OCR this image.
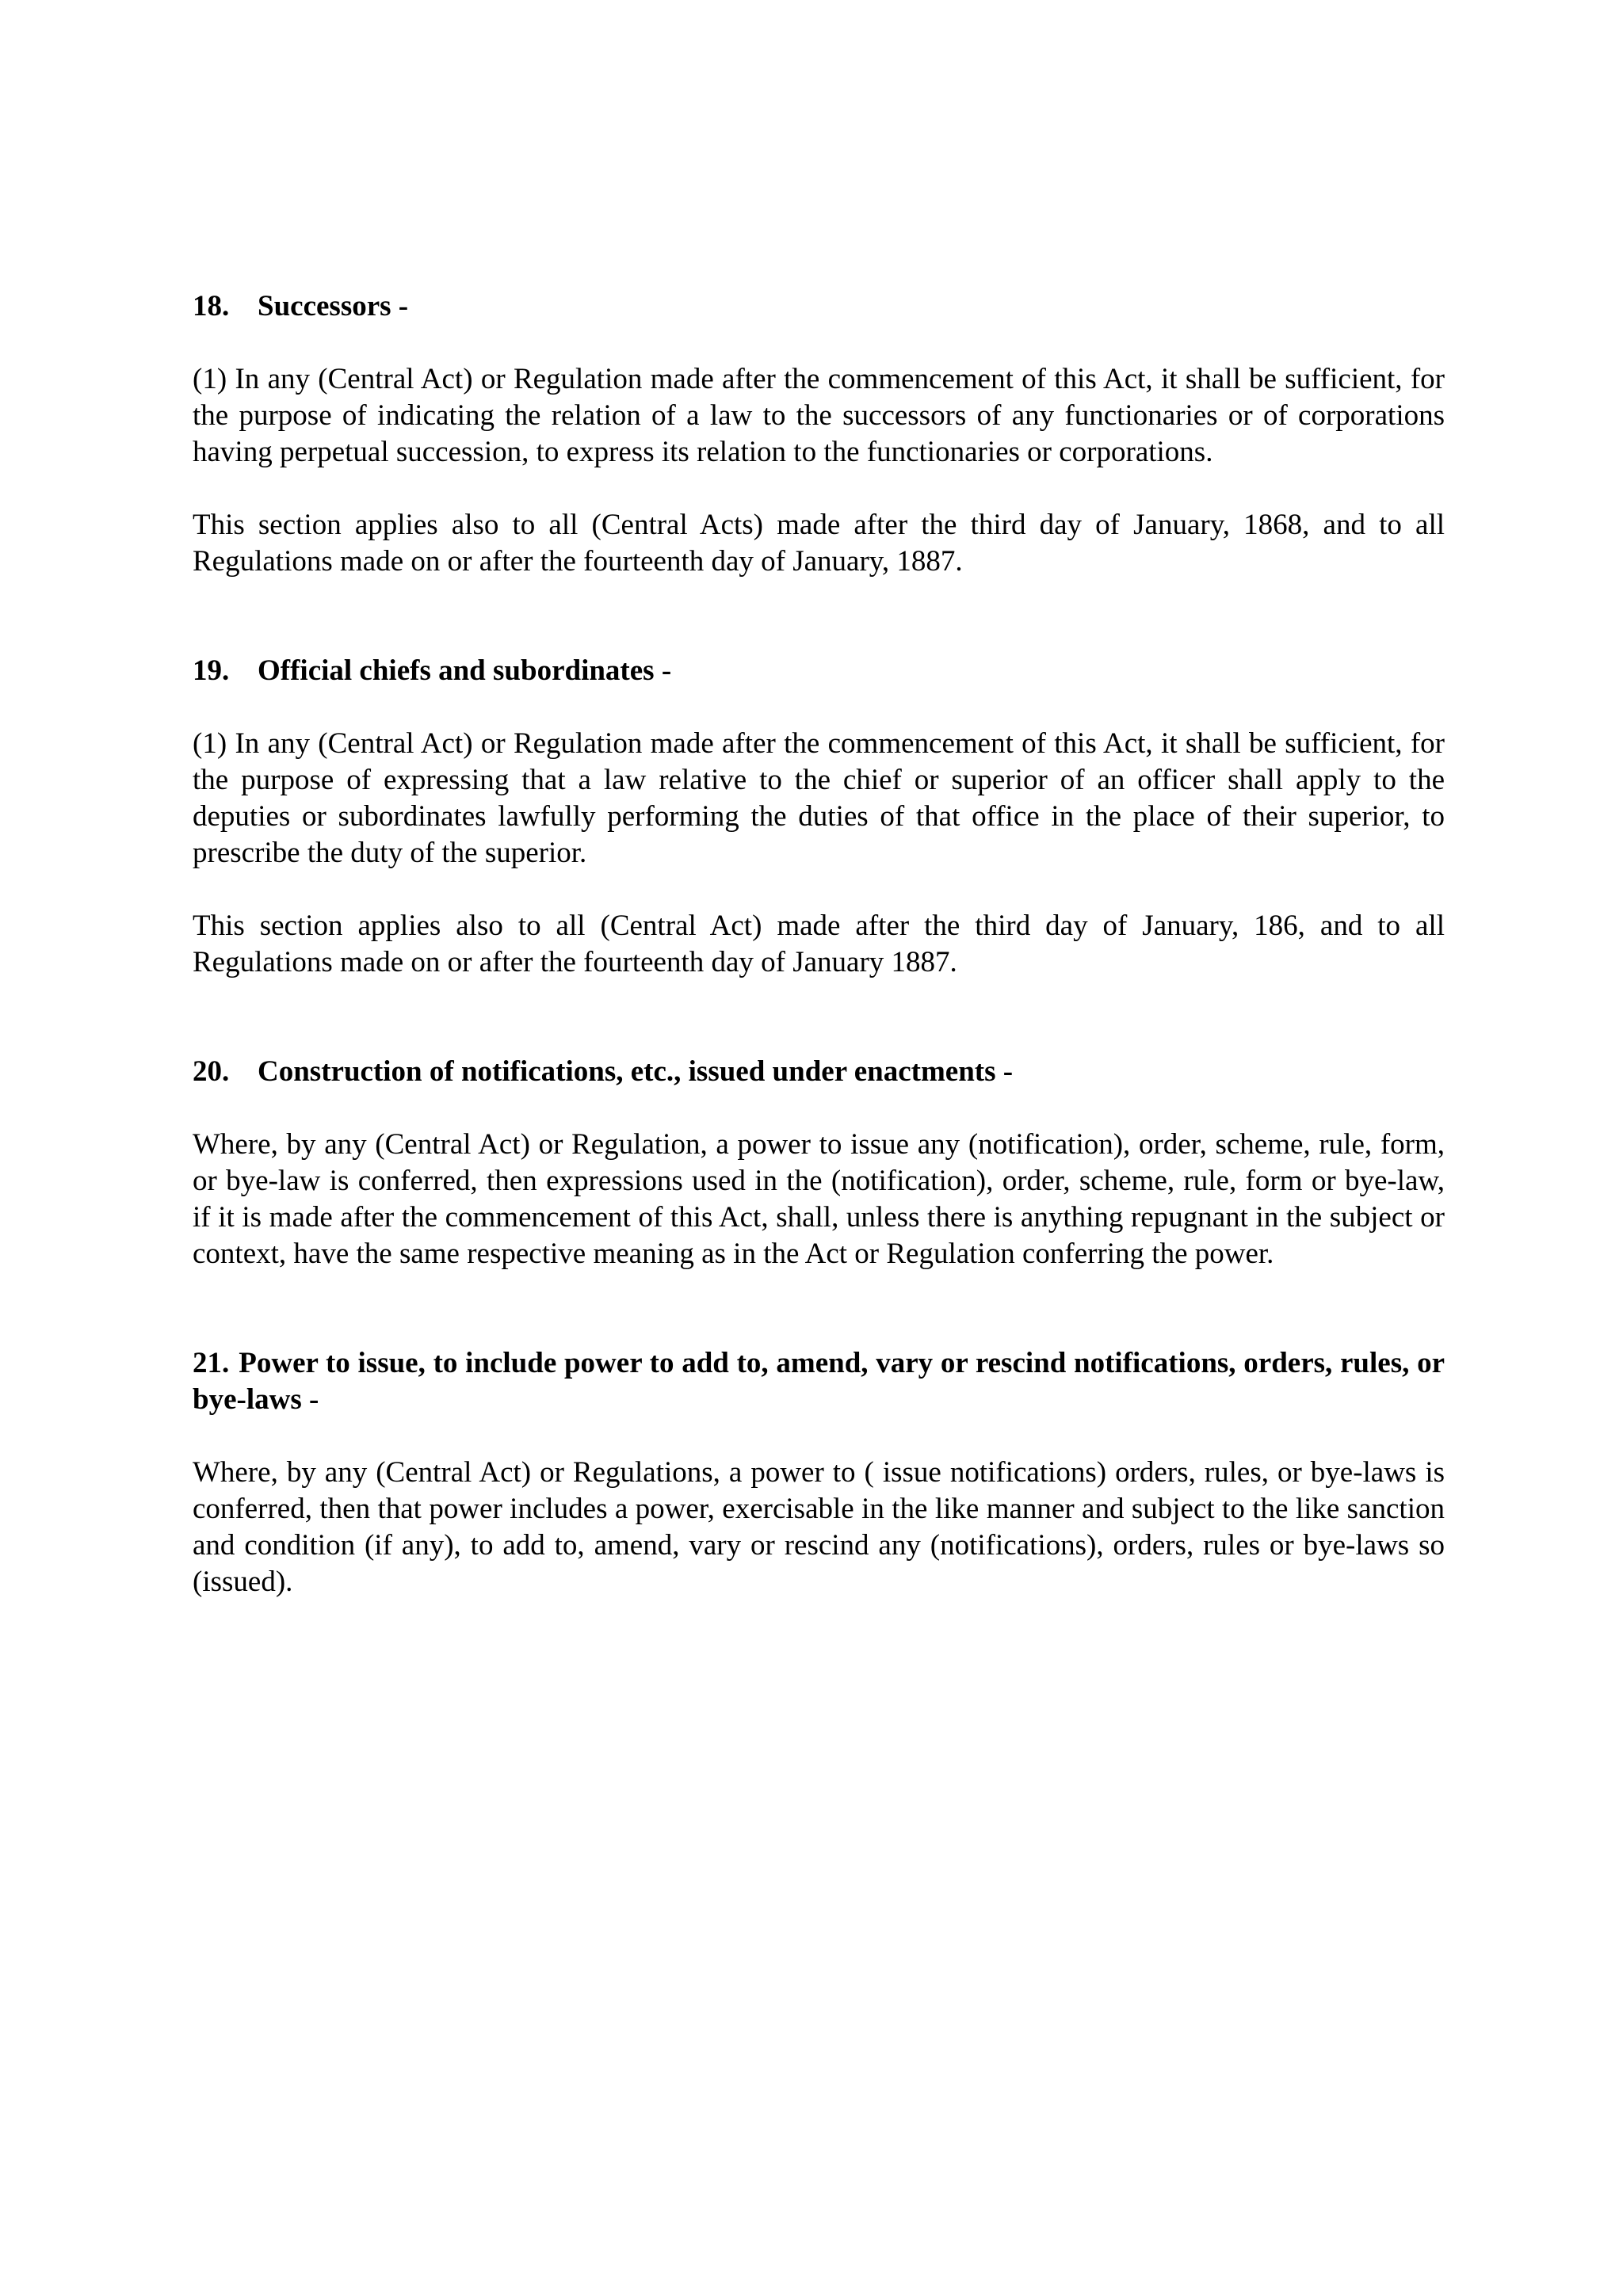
18. Successors -

(1) In any (Central Act) or Regulation made after the commencement of this Act, it shall be sufficient, for the purpose of indicating the relation of a law to the successors of any functionaries or of corporations having perpetual succession, to express its relation to the functionaries or corporations.

This section applies also to all (Central Acts) made after the third day of January, 1868, and to all Regulations made on or after the fourteenth day of January, 1887.

19. Official chiefs and subordinates -

(1) In any (Central Act) or Regulation made after the commencement of this Act, it shall be sufficient, for the purpose of expressing that a law relative to the chief or superior of an officer shall apply to the deputies or subordinates lawfully performing the duties of that office in the place of their superior, to prescribe the duty of the superior.

This section applies also to all (Central Act) made after the third day of January, 186, and to all Regulations made on or after the fourteenth day of January 1887.

20. Construction of notifications, etc., issued under enactments -

Where, by any (Central Act) or Regulation, a power to issue any (notification), order, scheme, rule, form, or bye-law is conferred, then expressions used in the (notification), order, scheme, rule, form or bye-law, if it is made after the commencement of this Act, shall, unless there is anything repugnant in the subject or context, have the same respective meaning as in the Act or Regulation conferring the power.

21. Power to issue, to include power to add to, amend, vary or rescind notifications, orders, rules, or bye-laws -

Where, by any (Central Act) or Regulations, a power to ( issue notifications) orders, rules, or bye-laws is conferred, then that power includes a power, exercisable in the like manner and subject to the like sanction and condition (if any), to add to, amend, vary or rescind any (notifications), orders, rules or bye-laws so (issued).
